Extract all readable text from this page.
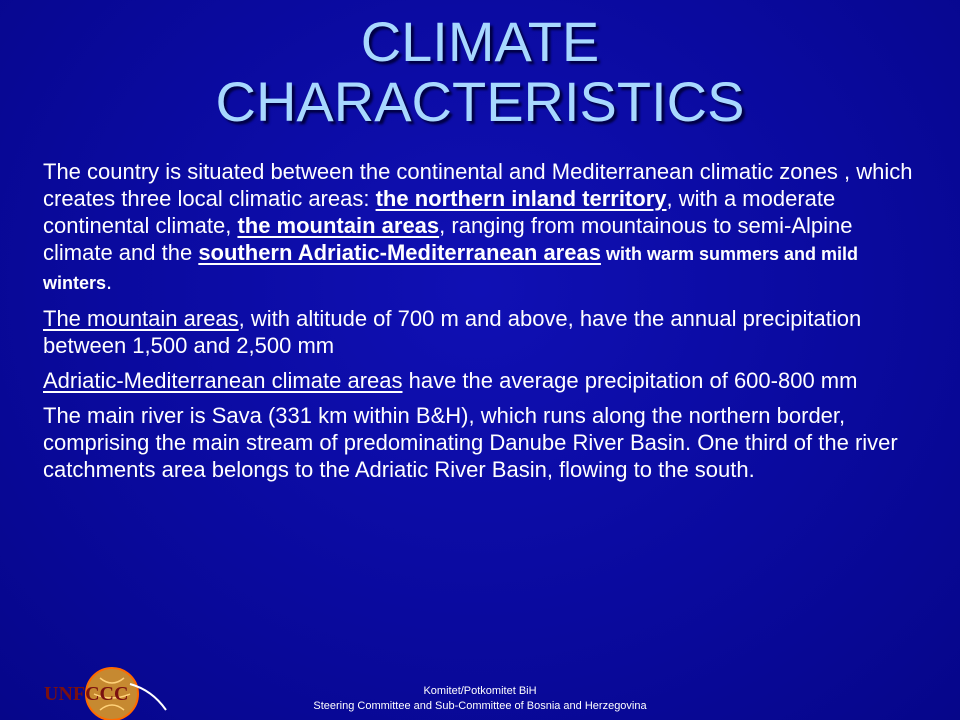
CLIMATE
CHARACTERISTICS

The country is situated between the continental and Mediterranean climatic zones , which creates three local climatic areas: the northern inland territory, with a moderate continental climate, the mountain areas, ranging from mountainous to semi-Alpine climate and the southern Adriatic-Mediterranean areas with warm summers and mild winters.

The mountain areas, with altitude of 700 m and above, have the annual precipitation between 1,500 and 2,500 mm

Adriatic-Mediterranean climate areas have the average precipitation of 600-800 mm

The main river is Sava (331 km within B&H), which runs along the northern border, comprising the main stream of predominating Danube River Basin. One third of the river catchments area belongs to the Adriatic River Basin, flowing to the south.

UNFCCC	Komitet/Potkomitet BiH
Steering Committee and Sub-Committee of Bosnia and Herzegovina
